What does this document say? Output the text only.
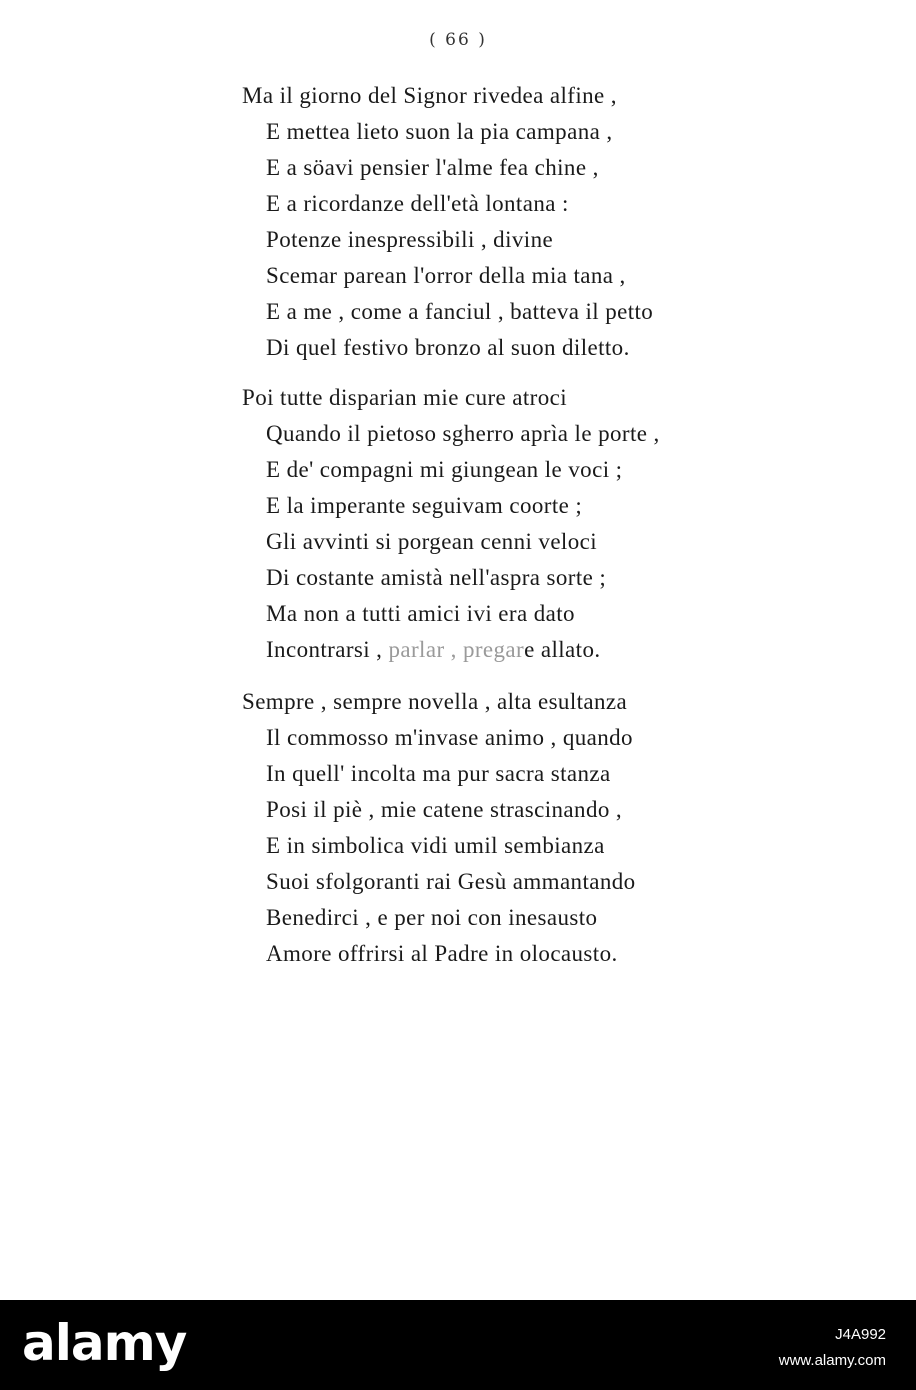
( 66 )
Ma il giorno del Signor rivedea alfine ,
E mettea lieto suon la pia campana ,
E a söavi pensier l'alme fea chine ,
E a ricordanze dell'età lontana :
Potenze inespressibili , divine
Scemar parean l'orror della mia tana ,
E a me , come a fanciul , batteva il petto
Di quel festivo bronzo al suon diletto.
Poi tutte disparian mie cure atroci
Quando il pietoso sgherro aprìa le porte ,
E de' compagni mi giungean le voci ;
E la imperante seguivam coorte ;
Gli avvinti si porgean cenni veloci
Di costante amistà nell'aspra sorte ;
Ma non a tutti amici ivi era dato
Incontrarsi , parlar , pregare allato.
Sempre , sempre novella , alta esultanza
Il commosso m'invase animo , quando
In quell' incolta ma pur sacra stanza
Posi il piè , mie catene strascinando ,
E in simbolica vidi umil sembianza
Suoi sfolgoranti rai Gesù ammantando
Benedirci , e per noi con inesausto
Amore offrirsi al Padre in olocausto.
alamy	J4A992
www.alamy.com
